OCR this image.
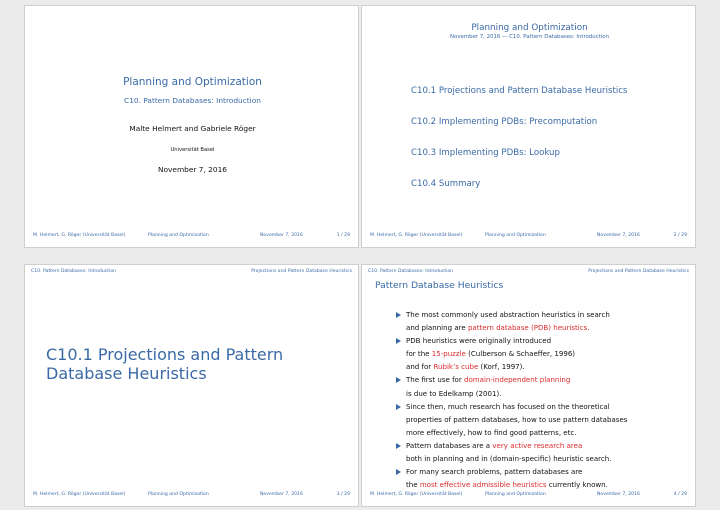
Planning and Optimization
C10. Pattern Databases: Introduction
Malte Helmert and Gabriele Röger
Universität Basel
November 7, 2016
M. Helmert, G. Röger (Universität Basel)	Planning and Optimization	November 7, 2016	1 / 29
Planning and Optimization
November 7, 2016 — C10. Pattern Databases: Introduction
C10.1 Projections and Pattern Database Heuristics
C10.2 Implementing PDBs: Precomputation
C10.3 Implementing PDBs: Lookup
C10.4 Summary
M. Helmert, G. Röger (Universität Basel)	Planning and Optimization	November 7, 2016	2 / 29
C10. Pattern Databases: Introduction	Projections and Pattern Database Heuristics
C10.1 Projections and Pattern
Database Heuristics
M. Helmert, G. Röger (Universität Basel)	Planning and Optimization	November 7, 2016	3 / 29
C10. Pattern Databases: Introduction	Projections and Pattern Database Heuristics
Pattern Database Heuristics
The most commonly used abstraction heuristics in search
and planning are pattern database (PDB) heuristics.
PDB heuristics were originally introduced
for the 15-puzzle (Culberson & Schaeffer, 1996)
and for Rubik’s cube (Korf, 1997).
The first use for domain-independent planning
is due to Edelkamp (2001).
Since then, much research has focused on the theoretical
properties of pattern databases, how to use pattern databases
more effectively, how to find good patterns, etc.
Pattern databases are a very active research area
both in planning and in (domain-specific) heuristic search.
For many search problems, pattern databases are
the most effective admissible heuristics currently known.
M. Helmert, G. Röger (Universität Basel)	Planning and Optimization	November 7, 2016	4 / 29
